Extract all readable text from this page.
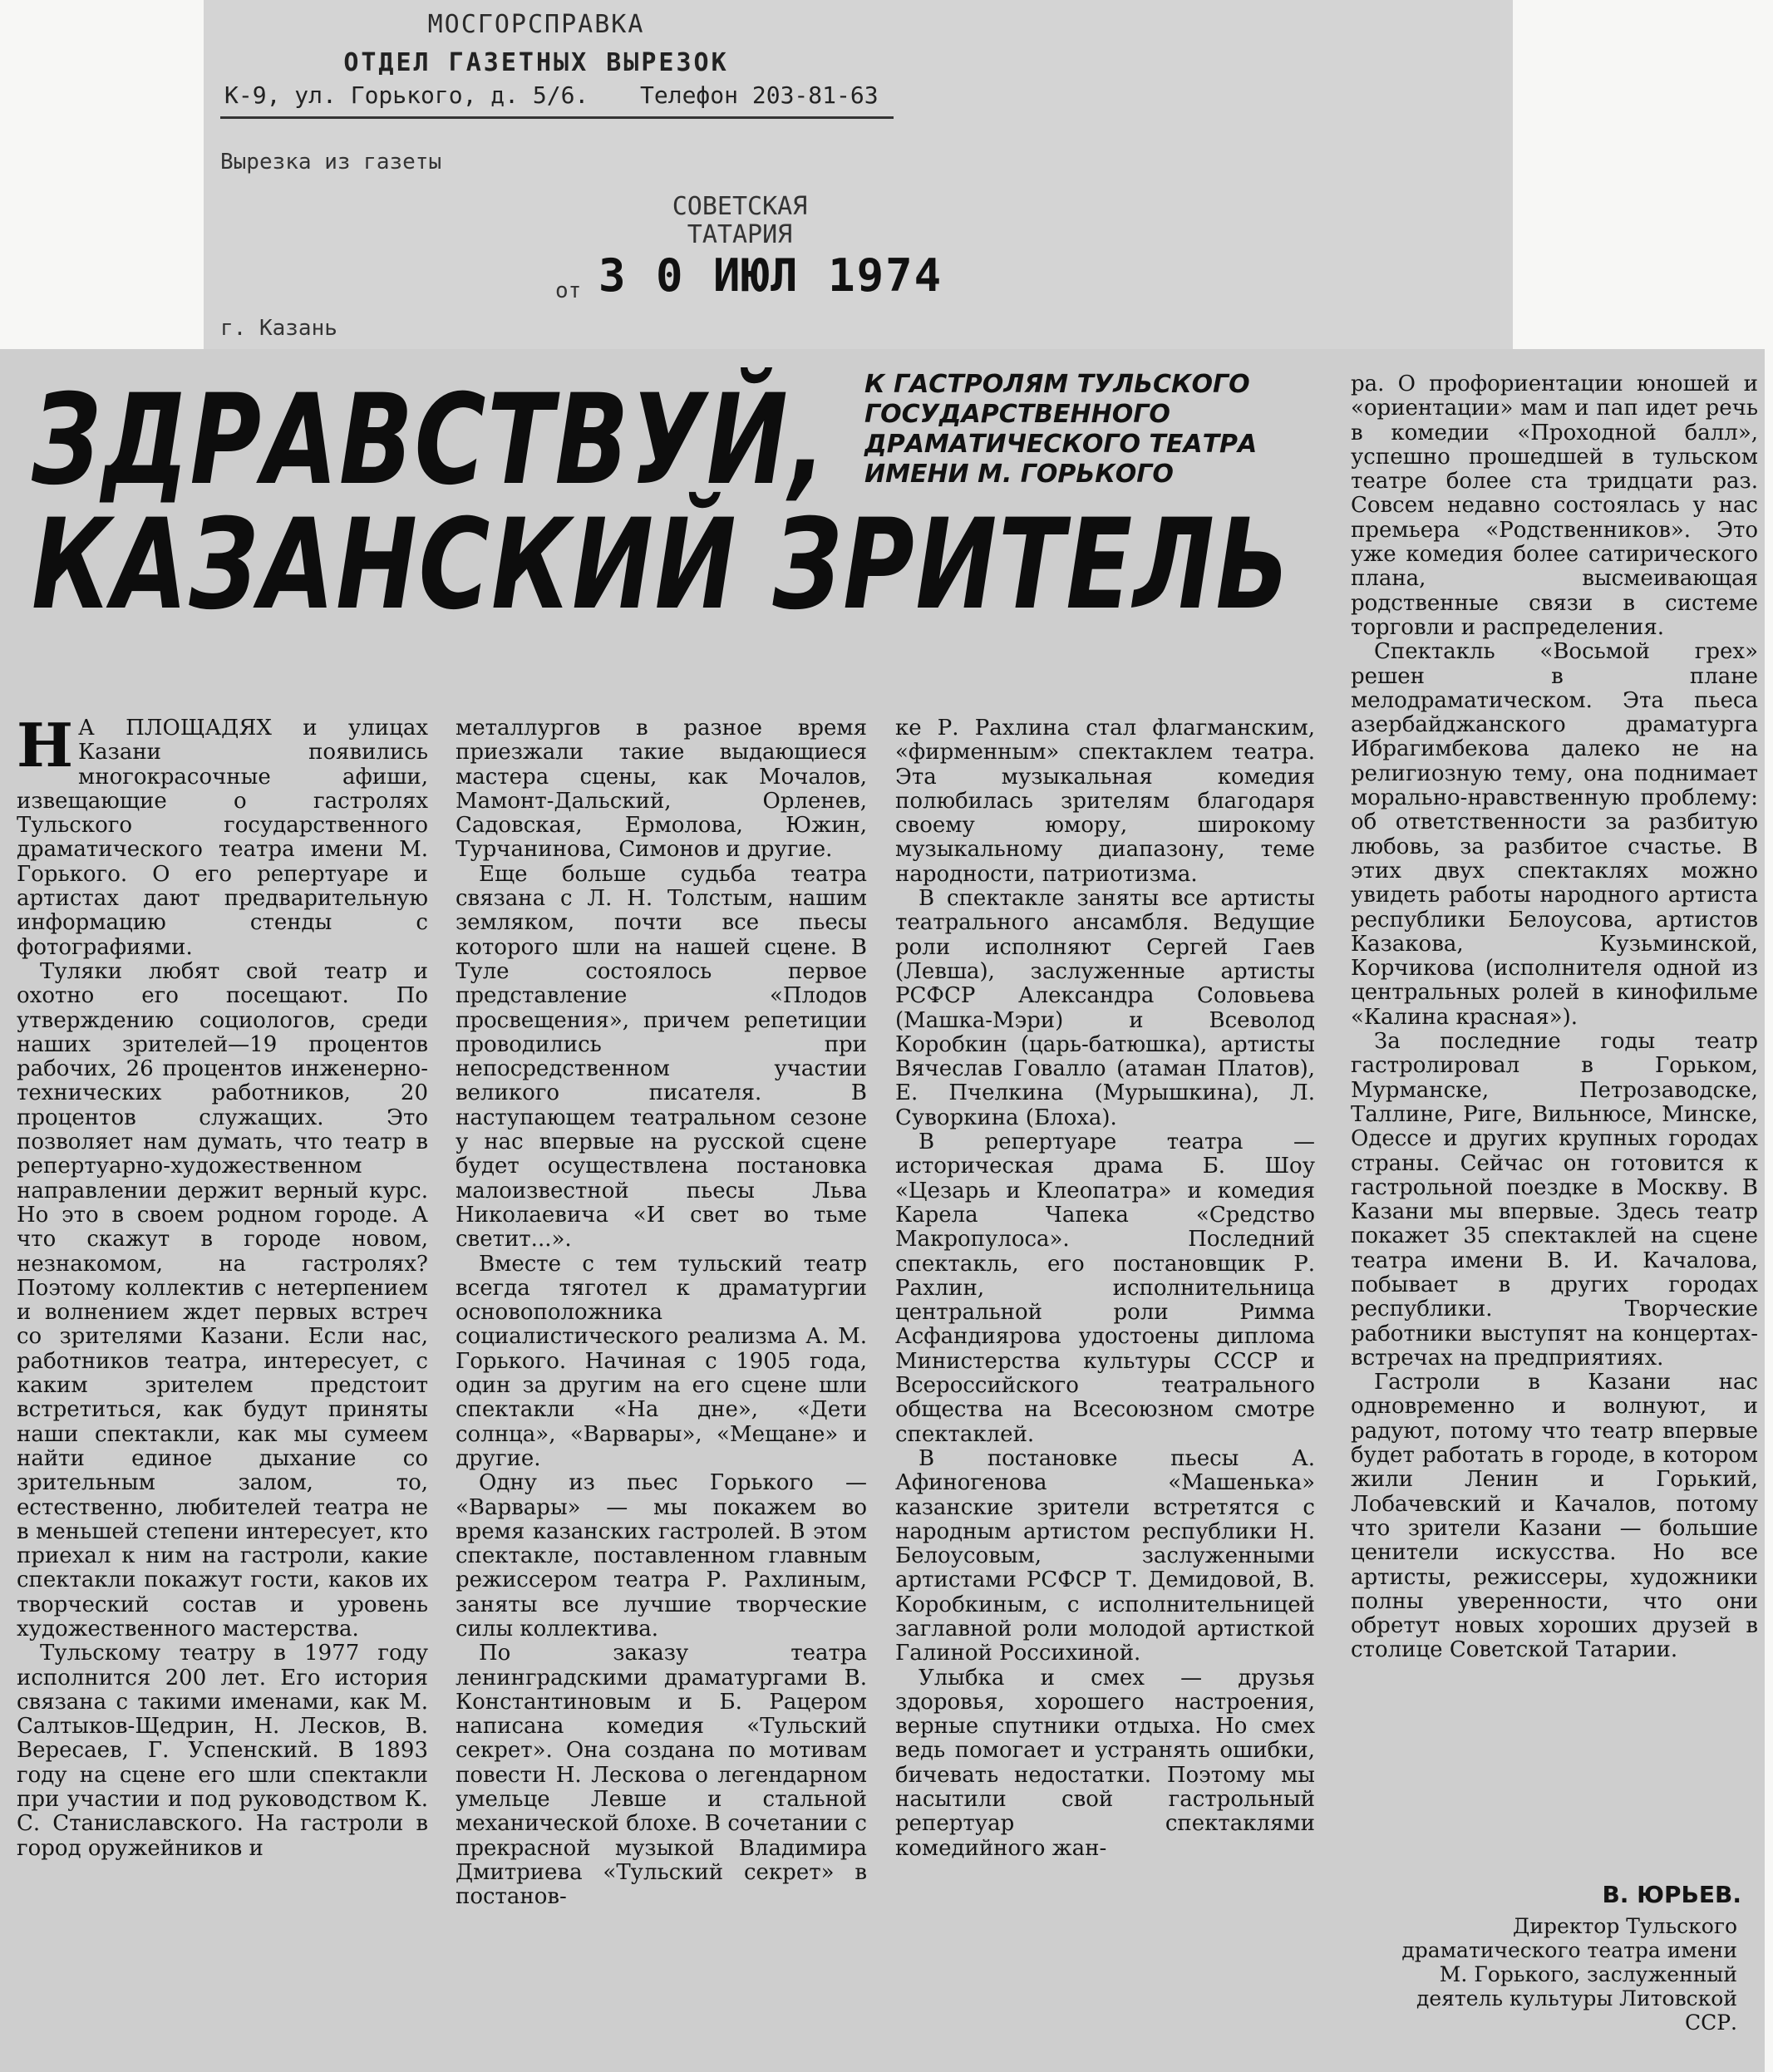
МОСГОРСПРАВКА
ОТДЕЛ ГАЗЕТНЫХ ВЫРЕЗОК
К-9, ул. Горького, д. 5/6. Телефон 203-81-63
Вырезка из газеты
СОВЕТСКАЯ
ТАТАРИЯ
от 3 0 ИЮЛ 1974
г. Казань
ЗДРАВСТВУЙ,
КАЗАНСКИЙ ЗРИТЕЛЬ
К ГАСТРОЛЯМ ТУЛЬСКОГО
ГОСУДАРСТВЕННОГО
ДРАМАТИЧЕСКОГО ТЕАТРА
ИМЕНИ М. ГОРЬКОГО

Н А ПЛОЩАДЯХ и улицах Казани появились многокрасочные афиши, извещающие о гастролях Тульского государственного драматического театра имени М. Горького. О его репертуаре и артистах дают предварительную информацию стенды с фотографиями.

Туляки любят свой театр и охотно его посещают. По утверждению социологов, среди наших зрителей—19 процентов рабочих, 26 процентов инженерно-технических работников, 20 процентов служащих. Это позволяет нам думать, что театр в репертуарно-художественном направлении держит верный курс. Но это в своем родном городе. А что скажут в городе новом, незнакомом, на гастролях? Поэтому коллектив с нетерпением и волнением ждет первых встреч со зрителями Казани. Если нас, работников театра, интересует, с каким зрителем предстоит встретиться, как будут приняты наши спектакли, как мы сумеем найти единое дыхание со зрительным залом, то, естественно, любителей театра не в меньшей степени интересует, кто приехал к ним на гастроли, какие спектакли покажут гости, каков их творческий состав и уровень художественного мастерства.

Тульскому театру в 1977 году исполнится 200 лет. Его история связана с такими именами, как М. Салтыков-Щедрин, Н. Лесков, В. Вересаев, Г. Успенский. В 1893 году на сцене его шли спектакли при участии и под руководством К. С. Станиславского. На гастроли в город оружейников и

металлургов в разное время приезжали такие выдающиеся мастера сцены, как Мочалов, Мамонт-Дальский, Орленев, Садовская, Ермолова, Южин, Турчанинова, Симонов и другие.

Еще больше судьба театра связана с Л. Н. Толстым, нашим земляком, почти все пьесы которого шли на нашей сцене. В Туле состоялось первое представление «Плодов просвещения», причем репетиции проводились при непосредственном участии великого писателя. В наступающем театральном сезоне у нас впервые на русской сцене будет осуществлена постановка малоизвестной пьесы Льва Николаевича «И свет во тьме светит...».

Вместе с тем тульский театр всегда тяготел к драматургии основоположника социалистического реализма А. М. Горького. Начиная с 1905 года, один за другим на его сцене шли спектакли «На дне», «Дети солнца», «Варвары», «Мещане» и другие.

Одну из пьес Горького — «Варвары» — мы покажем во время казанских гастролей. В этом спектакле, поставленном главным режиссером театра Р. Рахлиным, заняты все лучшие творческие силы коллектива.

По заказу театра ленинградскими драматургами В. Константиновым и Б. Рацером написана комедия «Тульский секрет». Она создана по мотивам повести Н. Лескова о легендарном умельце Левше и стальной механической блохе. В сочетании с прекрасной музыкой Владимира Дмитриева «Тульский секрет» в постанов-

ке Р. Рахлина стал флагманским, «фирменным» спектаклем театра. Эта музыкальная комедия полюбилась зрителям благодаря своему юмору, широкому музыкальному диапазону, теме народности, патриотизма.

В спектакле заняты все артисты театрального ансамбля. Ведущие роли исполняют Сергей Гаев (Левша), заслуженные артисты РСФСР Александра Соловьева (Машка-Мэри) и Всеволод Коробкин (царь-батюшка), артисты Вячеслав Говалло (атаман Платов), Е. Пчелкина (Мурышкина), Л. Суворкина (Блоха).

В репертуаре театра — историческая драма Б. Шоу «Цезарь и Клеопатра» и комедия Карела Чапека «Средство Макропулоса». Последний спектакль, его постановщик Р. Рахлин, исполнительница центральной роли Римма Асфандиярова удостоены диплома Министерства культуры СССР и Всероссийского театрального общества на Всесоюзном смотре спектаклей.

В постановке пьесы А. Афиногенова «Машенька» казанские зрители встретятся с народным артистом республики Н. Белоусовым, заслуженными артистами РСФСР Т. Демидовой, В. Коробкиным, с исполнительницей заглавной роли молодой артисткой Галиной Россихиной.

Улыбка и смех — друзья здоровья, хорошего настроения, верные спутники отдыха. Но смех ведь помогает и устранять ошибки, бичевать недостатки. Поэтому мы насытили свой гастрольный репертуар спектаклями комедийного жан-

ра. О профориентации юношей и «ориентации» мам и пап идет речь в комедии «Проходной балл», успешно прошедшей в тульском театре более ста тридцати раз. Совсем недавно состоялась у нас премьера «Родственников». Это уже комедия более сатирического плана, высмеивающая родственные связи в системе торговли и распределения.

Спектакль «Восьмой грех» решен в плане мелодраматическом. Эта пьеса азербайджанского драматурга Ибрагимбекова далеко не на религиозную тему, она поднимает морально-нравственную проблему: об ответственности за разбитую любовь, за разбитое счастье. В этих двух спектаклях можно увидеть работы народного артиста республики Белоусова, артистов Казакова, Кузьминской, Корчикова (исполнителя одной из центральных ролей в кинофильме «Калина красная»).

За последние годы театр гастролировал в Горьком, Мурманске, Петрозаводске, Таллине, Риге, Вильнюсе, Минске, Одессе и других крупных городах страны. Сейчас он готовится к гастрольной поездке в Москву. В Казани мы впервые. Здесь театр покажет 35 спектаклей на сцене театра имени В. И. Качалова, побывает в других городах республики. Творческие работники выступят на концертах-встречах на предприятиях.

Гастроли в Казани нас одновременно и волнуют, и радуют, потому что театр впервые будет работать в городе, в котором жили Ленин и Горький, Лобачевский и Качалов, потому что зрители Казани — большие ценители искусства. Но все артисты, режиссеры, художники полны уверенности, что они обретут новых хороших друзей в столице Советской Татарии.

В. ЮРЬЕВ.
Директор Тульского драматического театра имени М. Горького, заслуженный деятель культуры Литовской ССР.
